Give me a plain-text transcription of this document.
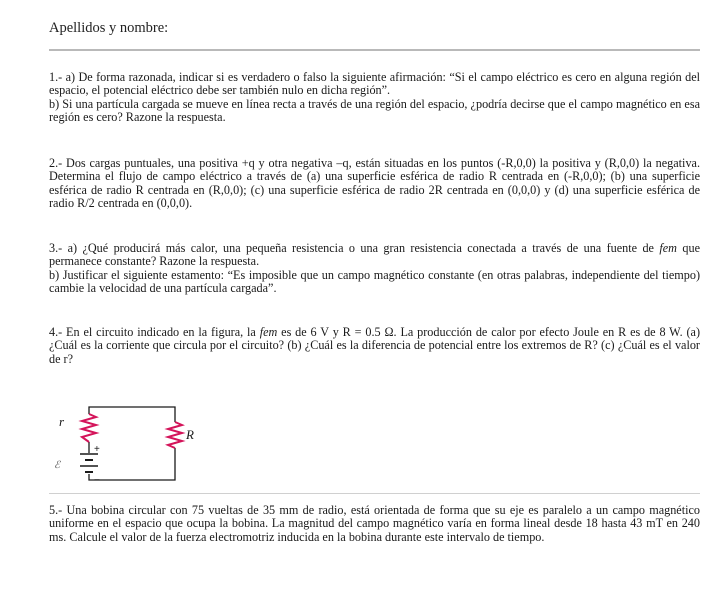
Apellidos y nombre:

1.- a) De forma razonada, indicar si es verdadero o falso la siguiente afirmación: “Si el campo eléctrico es cero en alguna región del espacio, el potencial eléctrico debe ser también nulo en dicha región”.

b) Si una partícula cargada se mueve en línea recta a través de una región del espacio, ¿podría decirse que el campo magnético en esa región es cero? Razone la respuesta.

2.- Dos cargas puntuales, una positiva +q y otra negativa –q, están situadas en los puntos (-R,0,0) la positiva y (R,0,0) la negativa. Determina el flujo de campo eléctrico a través de (a) una superficie esférica de radio R centrada en (-R,0,0); (b) una superficie esférica de radio R centrada en (R,0,0); (c) una superficie esférica de radio 2R centrada en (0,0,0) y (d) una superficie esférica de radio R/2 centrada en (0,0,0).

3.- a) ¿Qué producirá más calor, una pequeña resistencia o una gran resistencia conectada a través de una fuente de fem que permanece constante? Razone la respuesta.

b) Justificar el siguiente estamento: “Es imposible que un campo magnético constante (en otras palabras, independiente del tiempo) cambie la velocidad de una partícula cargada”.

4.- En el circuito indicado en la figura, la fem es de 6 V y R = 0.5 Ω. La producción de calor por efecto Joule en R es de 8 W. (a) ¿Cuál es la corriente que circula por el circuito? (b) ¿Cuál es la diferencia de potencial entre los extremos de R? (c) ¿Cuál es el valor de r?

r
R
ℰ
+
−

5.- Una bobina circular con 75 vueltas de 35 mm de radio, está orientada de forma que su eje es paralelo a un campo magnético uniforme en el espacio que ocupa la bobina. La magnitud del campo magnético varía en forma lineal desde 18 hasta 43 mT en 240 ms. Calcule el valor de la fuerza electromotriz inducida en la bobina durante este intervalo de tiempo.
